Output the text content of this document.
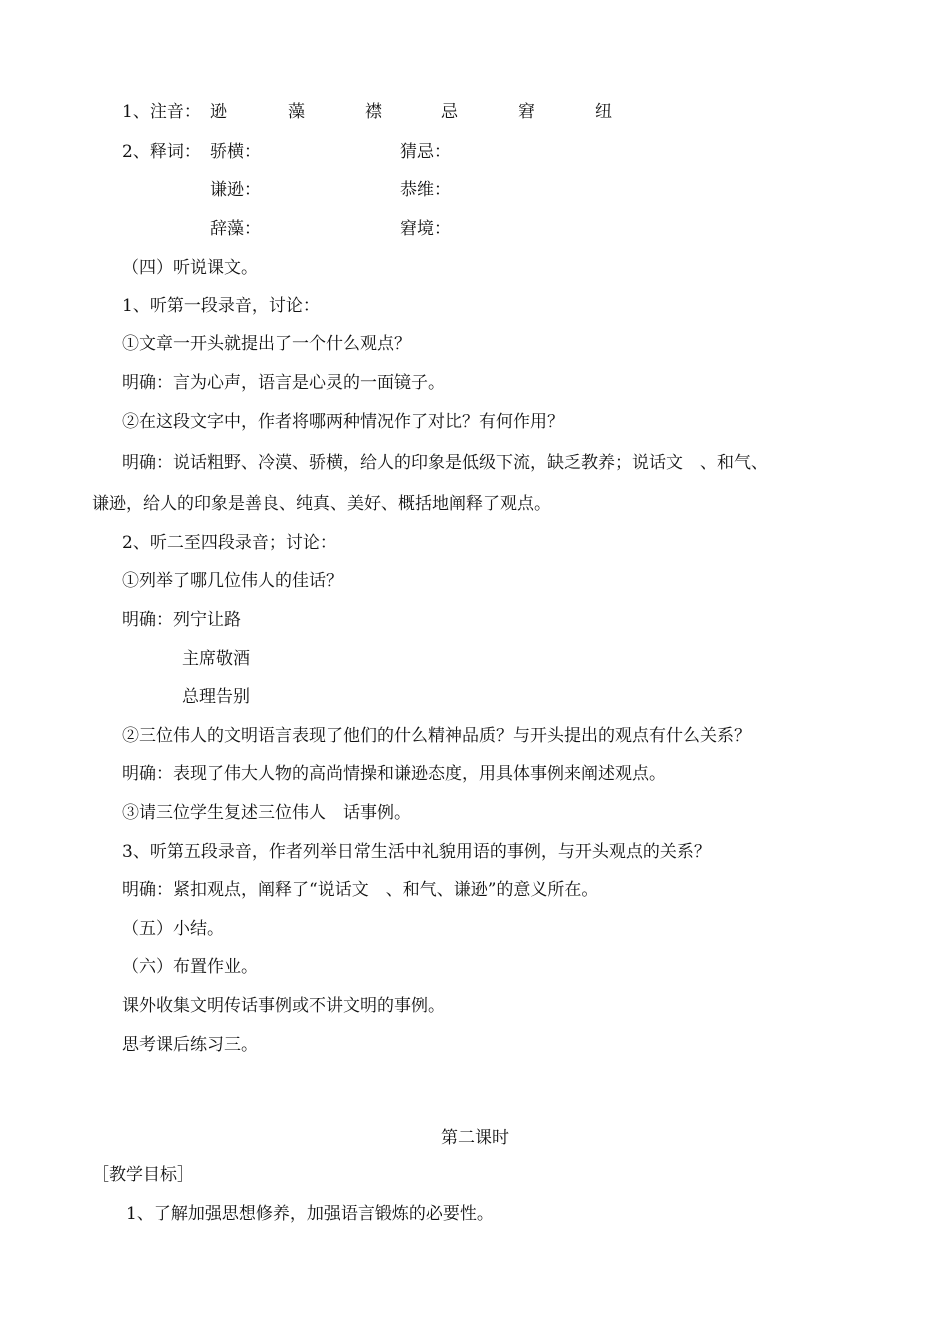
1、注音： 逊	藻	襟	忌	窘	纽
2、释词： 骄横：	猜忌：
谦逊：	恭维：
辞藻：	窘境：
（四）听说课文。
1、听第一段录音，讨论：
①文章一开头就提出了一个什么观点？
明确：言为心声，语言是心灵的一面镜子。
②在这段文字中，作者将哪两种情况作了对比？有何作用？
明确：说话粗野、冷漠、骄横，给人的印象是低级下流，缺乏教养；说话文　、和气、
谦逊，给人的印象是善良、纯真、美好、概括地阐释了观点。
2、听二至四段录音；讨论：
①列举了哪几位伟人的佳话？
明确：列宁让路
主席敬酒
总理告别
②三位伟人的文明语言表现了他们的什么精神品质？与开头提出的观点有什么关系？
明确：表现了伟大人物的高尚情操和谦逊态度，用具体事例来阐述观点。
③请三位学生复述三位伟人　话事例。
3、听第五段录音，作者列举日常生活中礼貌用语的事例，与开头观点的关系？
明确：紧扣观点，阐释了“说话文　、和气、谦逊”的意义所在。
（五）小结。
（六）布置作业。
课外收集文明传话事例或不讲文明的事例。
思考课后练习三。
第二课时
［教学目标］
1、了解加强思想修养，加强语言锻炼的必要性。
